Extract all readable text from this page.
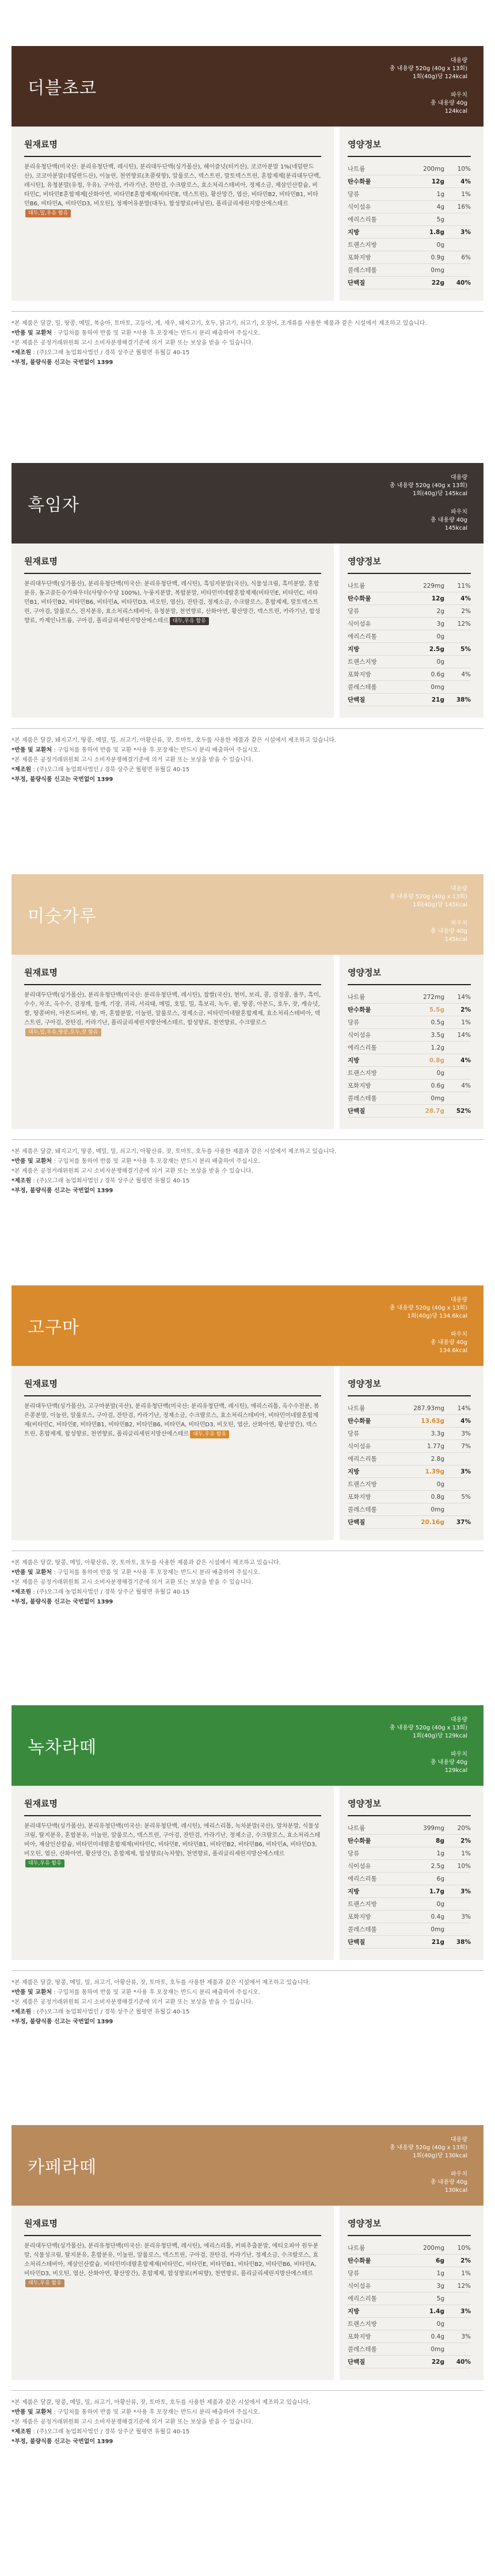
더블초코
대용량
총 내용량 520g (40g x 13회)
1회(40g)당 124kcal
파우치
총 내용량 40g
124kcal
원재료명
분리유청단백(미국산: 분리유청단백, 레시틴), 분리대두단백(싱가폴산), 헤이즐넛(터키산), 코코아분말 1%(네덜란드산), 코코아분말(네덜란드산), 이눌린, 천연향료(초콜릿향), 알룰로스, 덱스트린, 말토덱스트린, 혼합제제[분리대두단백, 레시틴], 유청분말(유청, 우유), 구아검, 카라기난, 잔탄검, 수크랄로스, 효소처리스테비아, 정제소금, 제삼인산칼슘, 비타민C, 비타민E혼합제제[산화아연, 비타민E혼합제제(비타민E, 덱스트린), 황산망간, 엽산, 비타민B2, 비타민B1, 비타민B6, 비타민A, 비타민D3, 비오틴], 정제어유분말(대두), 합성향료(바닐린), 폴리글리세린지방산에스테르대두,밀,우유 함유
영양정보
나트륨	200mg	10%
탄수화물	12g	4%
당류	1g	1%
식이섬유	4g	16%
에리스리톨	5g	
지방	1.8g	3%
트랜스지방	0g	
포화지방	0.9g	6%
콜레스테롤	0mg	
단백질	22g	40%
*본 제품은 달걀, 밀, 땅콩, 메밀, 복숭아, 토마토, 고등어, 게, 새우, 돼지고기, 호두, 닭고기, 쇠고기, 오징어, 조개류를 사용한 제품과 같은 시설에서 제조하고 있습니다.
*반품 및 교환처 : 구입처를 통하여 반품 및 교환 *사용 후 포장재는 반드시 분리 배출하여 주십시오.
*본 제품은 공정거래위원회 고시 소비자분쟁해결기준에 의거 교환 또는 보상을 받을 수 있습니다.
*제조원 : (주)오그래 농업회사법인 / 경북 상주군 월평면 유월길 40-15
*부정, 불량식품 신고는 국번없이 1399
흑임자
대용량
총 내용량 520g (40g x 13회)
1회(40g)당 145kcal
파우치
총 내용량 40g
145kcal
원재료명
분리대두단백(싱가폴산), 분리유청단백(미국산: 분리유청단백, 레시틴), 흑임자분말(국산), 식물성크림, 흑미분말, 혼합분유, 동고골든슈가파우더(사탕수수당 100%), 누룽지분말, 복합분말, 비타민미네랄혼합제제(비타민E, 비타민C, 비타민B1, 비타민B2, 비타민B6, 비타민A, 비타민D3, 비오틴, 엽산), 잔탄검, 정제소금, 수크랄로스, 혼합제제, 말토덱스트린, 구아검, 알룰로스, 전지분유, 효소처리스테비아, 유청분말, 천연향료, 산화아연, 황산망간, 덱스트린, 카라기난, 합성향료, 카제인나트륨, 구아검, 폴리글리세린지방산에스테르 대두,우유 함유
영양정보
나트륨	229mg	11%
탄수화물	12g	4%
당류	2g	2%
식이섬유	3g	12%
에리스리톨	0g	
지방	2.5g	5%
트랜스지방	0g	
포화지방	0.6g	4%
콜레스테롤	0mg	
단백질	21g	38%
*본 제품은 달걀, 돼지고기, 땅콩, 메밀, 밀, 쇠고기, 아황산류, 잣, 토마토, 호두를 사용한 제품과 같은 시설에서 제조하고 있습니다.
*반품 및 교환처 : 구입처를 통하여 반품 및 교환 *사용 후 포장재는 반드시 분리 배출하여 주십시오.
*본 제품은 공정거래위원회 고시 소비자분쟁해결기준에 의거 교환 또는 보상을 받을 수 있습니다.
*제조원 : (주)오그래 농업회사법인 / 경북 상주군 월평면 유월길 40-15
*부정, 불량식품 신고는 국번없이 1399
미숫가루
대용량
총 내용량 520g (40g x 13회)
1회(40g)당 145kcal
파우치
총 내용량 40g
145kcal
원재료명
분리대두단백(싱가폴산), 분리유청단백(미국산: 분리유청단백, 레시틴), 찹쌀(국산), 현미, 보리, 콩, 검정콩, 율무, 흑미, 수수, 차조, 옥수수, 검정깨, 들깨, 기장, 귀리, 서리태, 메밀, 호밀, 밀, 흑보리, 녹두, 팥, 땅콩, 아몬드, 호두, 잣, 캐슈넛, 쌀, 땅콩버터, 아몬드버터, 밤, 마, 혼합분말, 이눌린, 알룰로스, 정제소금, 비타민미네랄혼합제제, 효소처리스테비아, 덱스트린, 구아검, 잔탄검, 카라기난, 폴리글리세린지방산에스테르, 합성향료, 천연향료, 수크랄로스대두,밀,우유,땅콩,호두,잣 함유
영양정보
나트륨	272mg	14%
탄수화물	5.5g	2%
당류	0.5g	1%
식이섬유	3.5g	14%
에리스리톨	1.2g	
지방	0.8g	4%
트랜스지방	0g	
포화지방	0.6g	4%
콜레스테롤	0mg	
단백질	28.7g	52%
*본 제품은 달걀, 돼지고기, 땅콩, 메밀, 밀, 쇠고기, 아황산류, 잣, 토마토, 호두를 사용한 제품과 같은 시설에서 제조하고 있습니다.
*반품 및 교환처 : 구입처를 통하여 반품 및 교환 *사용 후 포장재는 반드시 분리 배출하여 주십시오.
*본 제품은 공정거래위원회 고시 소비자분쟁해결기준에 의거 교환 또는 보상을 받을 수 있습니다.
*제조원 : (주)오그래 농업회사법인 / 경북 상주군 월평면 유월길 40-15
*부정, 불량식품 신고는 국번없이 1399
고구마
대용량
총 내용량 520g (40g x 13회)
1회(40g)당 134.6kcal
파우치
총 내용량 40g
134.6kcal
원재료명
분리대두단백(싱가폴산), 고구마분말(국산), 분리유청단백(미국산: 분리유청단백, 레시틴), 에리스리톨, 옥수수전분, 볶은콩분말, 이눌린, 알룰로스, 구아검, 잔탄검, 카라기난, 정제소금, 수크랄로스, 효소처리스테비아, 비타민미네랄혼합제제(비타민C, 비타민E, 비타민B1, 비타민B2, 비타민B6, 비타민A, 비타민D3, 비오틴, 엽산, 산화아연, 황산망간), 덱스트린, 혼합제제, 합성향료, 천연향료, 폴리글리세린지방산에스테르 대두,우유 함유
영양정보
나트륨	287.93mg	14%
탄수화물	13.63g	4%
당류	3.3g	3%
식이섬유	1.77g	7%
에리스리톨	2.8g	
지방	1.39g	3%
트랜스지방	0g	
포화지방	0.8g	5%
콜레스테롤	0mg	
단백질	20.16g	37%
*본 제품은 달걀, 땅콩, 메밀, 아황산류, 잣, 토마토, 호두를 사용한 제품과 같은 시설에서 제조하고 있습니다.
*반품 및 교환처 : 구입처를 통하여 반품 및 교환 *사용 후 포장재는 반드시 분리 배출하여 주십시오.
*본 제품은 공정거래위원회 고시 소비자분쟁해결기준에 의거 교환 또는 보상을 받을 수 있습니다.
*제조원 : (주)오그래 농업회사법인 / 경북 상주군 월평면 유월길 40-15
*부정, 불량식품 신고는 국번없이 1399
녹차라떼
대용량
총 내용량 520g (40g x 13회)
1회(40g)당 129kcal
파우치
총 내용량 40g
129kcal
원재료명
분리대두단백(싱가폴산), 분리유청단백(미국산: 분리유청단백, 레시틴), 에리스리톨, 녹차분말(국산), 말차분말, 식물성크림, 탈지분유, 혼합분유, 이눌린, 알룰로스, 덱스트린, 구아검, 잔탄검, 카라기난, 정제소금, 수크랄로스, 효소처리스테비아, 제삼인산칼슘, 비타민미네랄혼합제제(비타민C, 비타민E, 비타민B1, 비타민B2, 비타민B6, 비타민A, 비타민D3, 비오틴, 엽산, 산화아연, 황산망간), 혼합제제, 합성향료(녹차향), 천연향료, 폴리글리세린지방산에스테르대두,우유 함유
영양정보
나트륨	399mg	20%
탄수화물	8g	2%
당류	1g	1%
식이섬유	2.5g	10%
에리스리톨	6g	
지방	1.7g	3%
트랜스지방	0g	
포화지방	0.4g	3%
콜레스테롤	0mg	
단백질	21g	38%
*본 제품은 달걀, 땅콩, 메밀, 밀, 쇠고기, 아황산류, 잣, 토마토, 호두를 사용한 제품과 같은 시설에서 제조하고 있습니다.
*반품 및 교환처 : 구입처를 통하여 반품 및 교환 *사용 후 포장재는 반드시 분리 배출하여 주십시오.
*본 제품은 공정거래위원회 고시 소비자분쟁해결기준에 의거 교환 또는 보상을 받을 수 있습니다.
*제조원 : (주)오그래 농업회사법인 / 경북 상주군 월평면 유월길 40-15
*부정, 불량식품 신고는 국번없이 1399
카페라떼
대용량
총 내용량 520g (40g x 13회)
1회(40g)당 130kcal
파우치
총 내용량 40g
130kcal
원재료명
분리대두단백(싱가폴산), 분리유청단백(미국산: 분리유청단백, 레시틴), 에리스리톨, 커피추출분말, 에티오피아 원두분말, 식물성크림, 탈지분유, 혼합분유, 이눌린, 알룰로스, 덱스트린, 구아검, 잔탄검, 카라기난, 정제소금, 수크랄로스, 효소처리스테비아, 제삼인산칼슘, 비타민미네랄혼합제제(비타민C, 비타민E, 비타민B1, 비타민B2, 비타민B6, 비타민A, 비타민D3, 비오틴, 엽산, 산화아연, 황산망간), 혼합제제, 합성향료(커피향), 천연향료, 폴리글리세린지방산에스테르대두,우유 함유
영양정보
나트륨	200mg	10%
탄수화물	6g	2%
당류	1g	1%
식이섬유	3g	12%
에리스리톨	5g	
지방	1.4g	3%
트랜스지방	0g	
포화지방	0.4g	3%
콜레스테롤	0mg	
단백질	22g	40%
*본 제품은 달걀, 땅콩, 메밀, 밀, 쇠고기, 아황산류, 잣, 토마토, 호두를 사용한 제품과 같은 시설에서 제조하고 있습니다.
*반품 및 교환처 : 구입처를 통하여 반품 및 교환 *사용 후 포장재는 반드시 분리 배출하여 주십시오.
*본 제품은 공정거래위원회 고시 소비자분쟁해결기준에 의거 교환 또는 보상을 받을 수 있습니다.
*제조원 : (주)오그래 농업회사법인 / 경북 상주군 월평면 유월길 40-15
*부정, 불량식품 신고는 국번없이 1399
